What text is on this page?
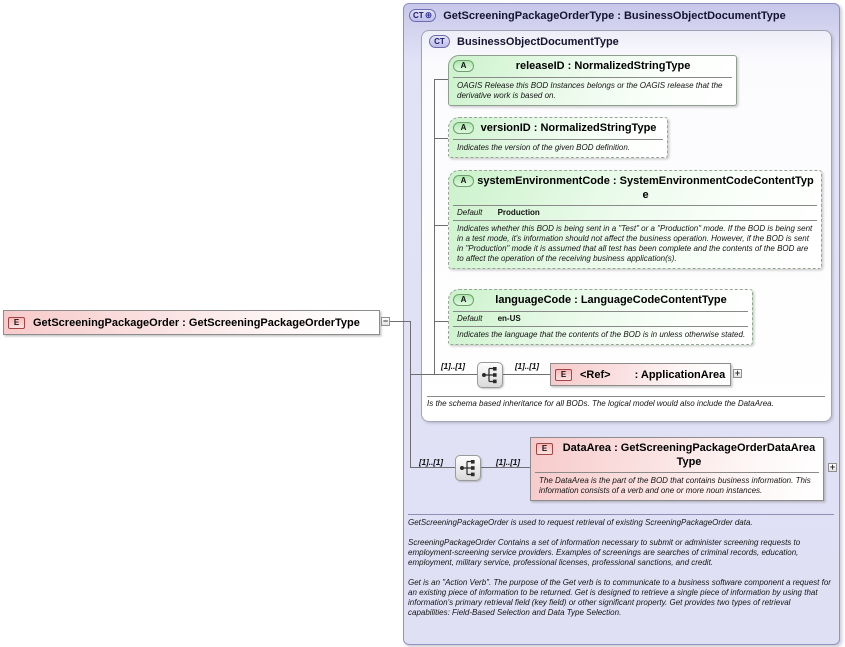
CT ⊕ GetScreeningPackageOrderType : BusinessObjectDocumentType
CT BusinessObjectDocumentType
E	GetScreeningPackageOrder : GetScreeningPackageOrderType	−
A	releaseID : NormalizedStringType
OAGIS Release this BOD Instances belongs or the OAGIS release that the derivative work is based on.
A	versionID : NormalizedStringType
Indicates the version of the given BOD definition.
A systemEnvironmentCode : SystemEnvironmentCodeContentType
Default Production
Indicates whether this BOD is being sent in a "Test" or a "Production" mode. If the BOD is being sent in a test mode, it's information should not affect the business operation. However, if the BOD is sent in "Production" mode it is assumed that all test has been complete and the contents of the BOD are to affect the operation of the receiving business application(s).
A	languageCode : LanguageCodeContentType
Default en-US
Indicates the language that the contents of the BOD is in unless otherwise stated.
[1]..[1]	[1]..[1]
E	<Ref> : ApplicationArea +
Is the schema based inheritance for all BODs. The logical model would also include the DataArea.
[1]..[1]	[1]..[1]
E	DataArea : GetScreeningPackageOrderDataAreaType
The DataArea is the part of the BOD that contains business information. This information consists of a verb and one or more noun instances.
+

GetScreeningPackageOrder is used to request retrieval of existing ScreeningPackageOrder data.

ScreeningPackageOrder Contains a set of information necessary to submit or administer screening requests to employment-screening service providers. Examples of screenings are searches of criminal records, education, employment, military service, professional licenses, professional sanctions, and credit.

Get is an "Action Verb". The purpose of the Get verb is to communicate to a business software component a request for an existing piece of information to be returned. Get is designed to retrieve a single piece of information by using that information's primary retrieval field (key field) or other significant property. Get provides two types of retrieval capabilities: Field-Based Selection and Data Type Selection.
